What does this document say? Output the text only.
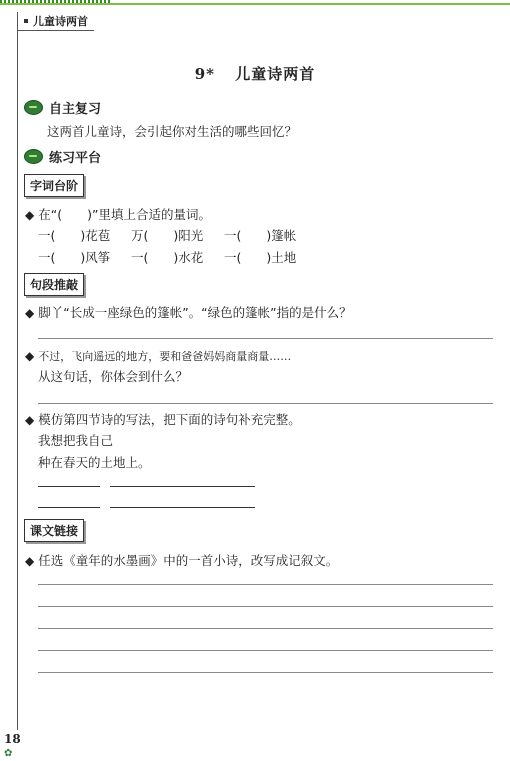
儿童诗两首
9* 儿童诗两首
自主复习
这两首儿童诗，会引起你对生活的哪些回忆？
练习平台
字词台阶
◆ 在“(　　)”里填上合适的量词。
一(　　)花苞	万(　　)阳光	一(　　)篷帐
一(　　)风筝	一(　　)水花	一(　　)土地
句段推敲
◆ 脚丫“长成一座绿色的篷帐”。“绿色的篷帐”指的是什么？
◆ 不过，飞向遥远的地方，要和爸爸妈妈商量商量……
从这句话，你体会到什么？
◆ 模仿第四节诗的写法，把下面的诗句补充完整。
我想把我自己
种在春天的土地上。
课文链接
◆ 任选《童年的水墨画》中的一首小诗，改写成记叙文。
18
✿
